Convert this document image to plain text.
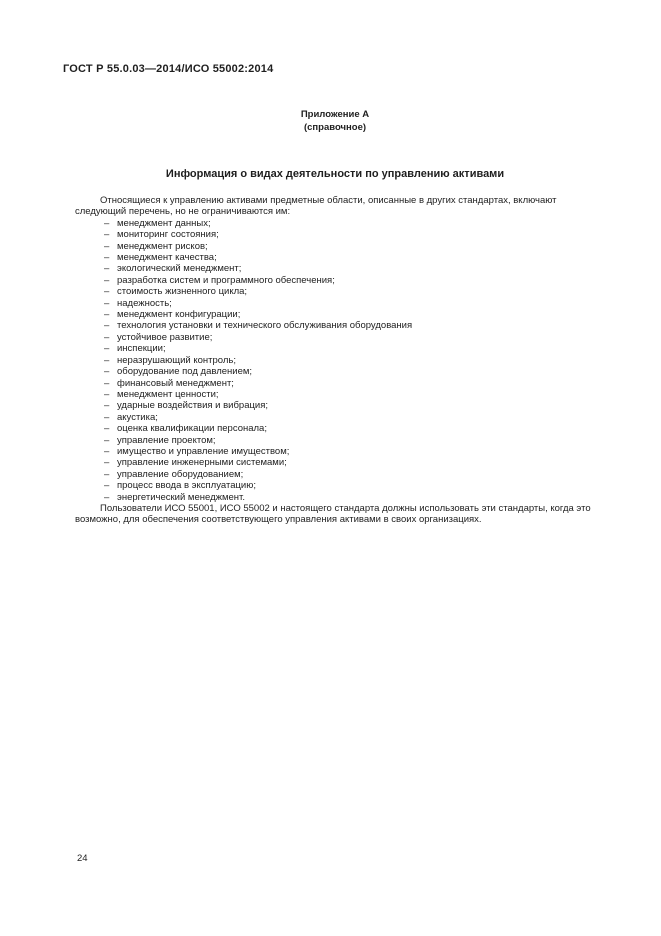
ГОСТ Р 55.0.03—2014/ИСО 55002:2014
Приложение А
(справочное)
Информация о видах деятельности по управлению активами

Относящиеся к управлению активами предметные области, описанные в других стандартах, включают следующий перечень, но не ограничиваются им:

– менеджмент данных;
– мониторинг состояния;
– менеджмент рисков;
– менеджмент качества;
– экологический менеджмент;
– разработка систем и программного обеспечения;
– стоимость жизненного цикла;
– надежность;
– менеджмент конфигурации;
– технология установки и технического обслуживания оборудования
– устойчивое развитие;
– инспекции;
– неразрушающий контроль;
– оборудование под давлением;
– финансовый менеджмент;
– менеджмент ценности;
– ударные воздействия и вибрация;
– акустика;
– оценка квалификации персонала;
– управление проектом;
– имущество и управление имуществом;
– управление инженерными системами;
– управление оборудованием;
– процесс ввода в эксплуатацию;
– энергетический менеджмент.

Пользователи ИСО 55001, ИСО 55002 и настоящего стандарта должны использовать эти стандарты, когда это возможно, для обеспечения соответствующего управления активами в своих организациях.

24
